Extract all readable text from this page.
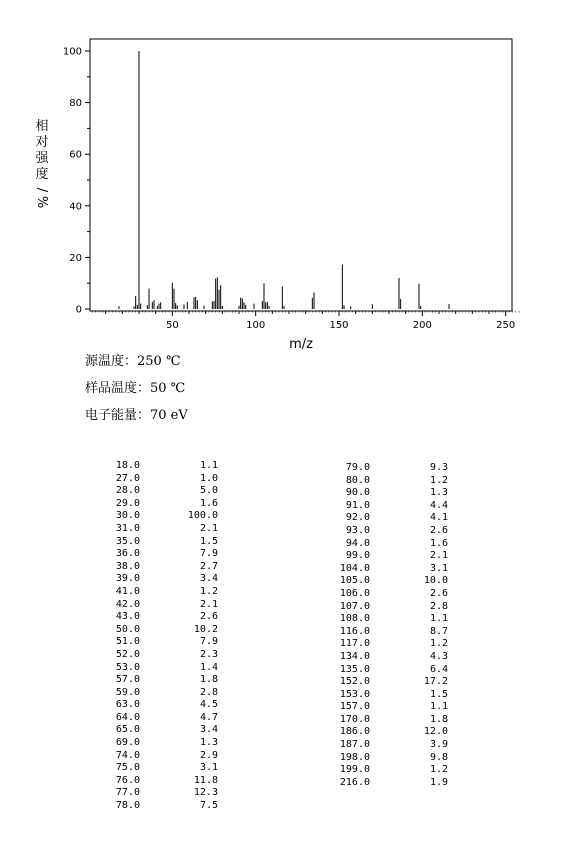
50	100	150	200	250
0
20
40
60
80
100
m/z
相
对
强
度
/
%
源温度：250 ℃
样品温度：50 ℃
电子能量：70 eV
18.0	1.1
27.0	1.0
28.0	5.0
29.0	1.6
30.0	100.0
31.0	2.1
35.0	1.5
36.0	7.9
38.0	2.7
39.0	3.4
41.0	1.2
42.0	2.1
43.0	2.6
50.0	10.2
51.0	7.9
52.0	2.3
53.0	1.4
57.0	1.8
59.0	2.8
63.0	4.5
64.0	4.7
65.0	3.4
69.0	1.3
74.0	2.9
75.0	3.1
76.0	11.8
77.0	12.3
78.0	7.5
79.0	9.3
80.0	1.2
90.0	1.3
91.0	4.4
92.0	4.1
93.0	2.6
94.0	1.6
99.0	2.1
104.0	3.1
105.0	10.0
106.0	2.6
107.0	2.8
108.0	1.1
116.0	8.7
117.0	1.2
134.0	4.3
135.0	6.4
152.0	17.2
153.0	1.5
157.0	1.1
170.0	1.8
186.0	12.0
187.0	3.9
198.0	9.8
199.0	1.2
216.0	1.9
